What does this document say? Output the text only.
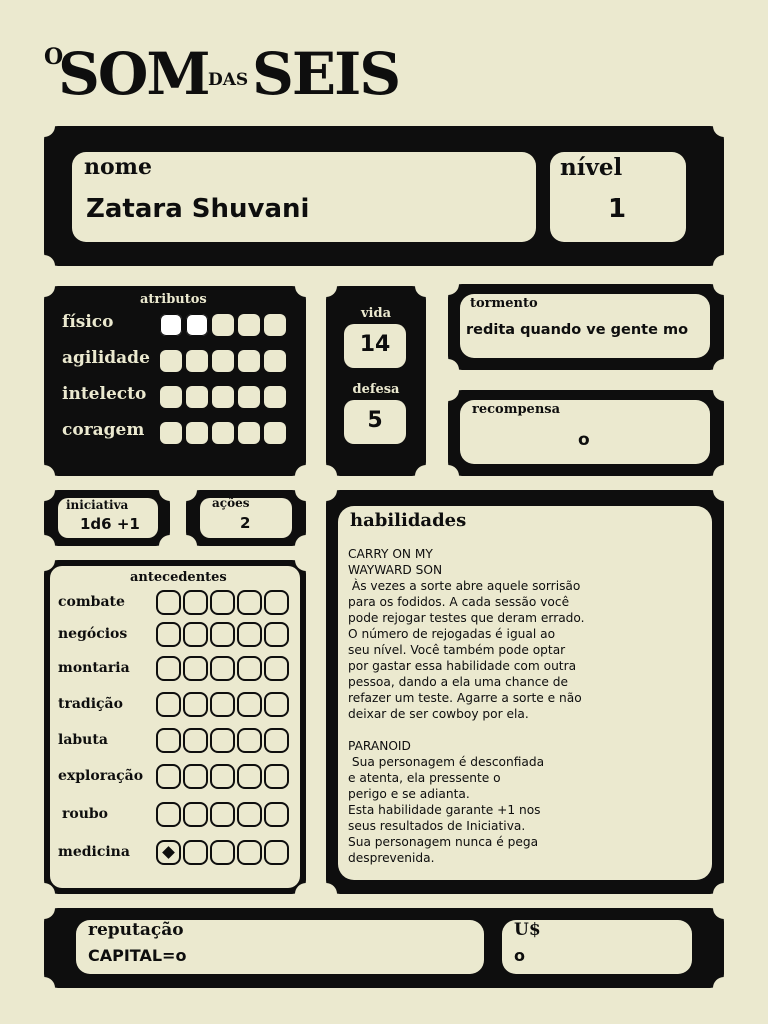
O
SOM DAS SEIS
nome
Zatara Shuvani
nível
1
atributos
físico
agilidade
intelecto
coragem
vida
14
defesa
5
tormento
redita quando ve gente mo
recompensa
o
iniciativa
1d6 +1
ações
2
antecedentes
combate
negócios
montaria
tradição
labuta
exploração
roubo
medicina
habilidades
CARRY ON MY
WAYWARD SON
Às vezes a sorte abre aquele sorrisão
para os fodidos. A cada sessão você
pode rejogar testes que deram errado.
O número de rejogadas é igual ao
seu nível. Você também pode optar
por gastar essa habilidade com outra
pessoa, dando a ela uma chance de
refazer um teste. Agarre a sorte e não
deixar de ser cowboy por ela.

PARANOID
Sua personagem é desconfiada
e atenta, ela pressente o
perigo e se adianta.
Esta habilidade garante +1 nos
seus resultados de Iniciativa.
Sua personagem nunca é pega
desprevenida.
reputação
CAPITAL=o
U$
o
